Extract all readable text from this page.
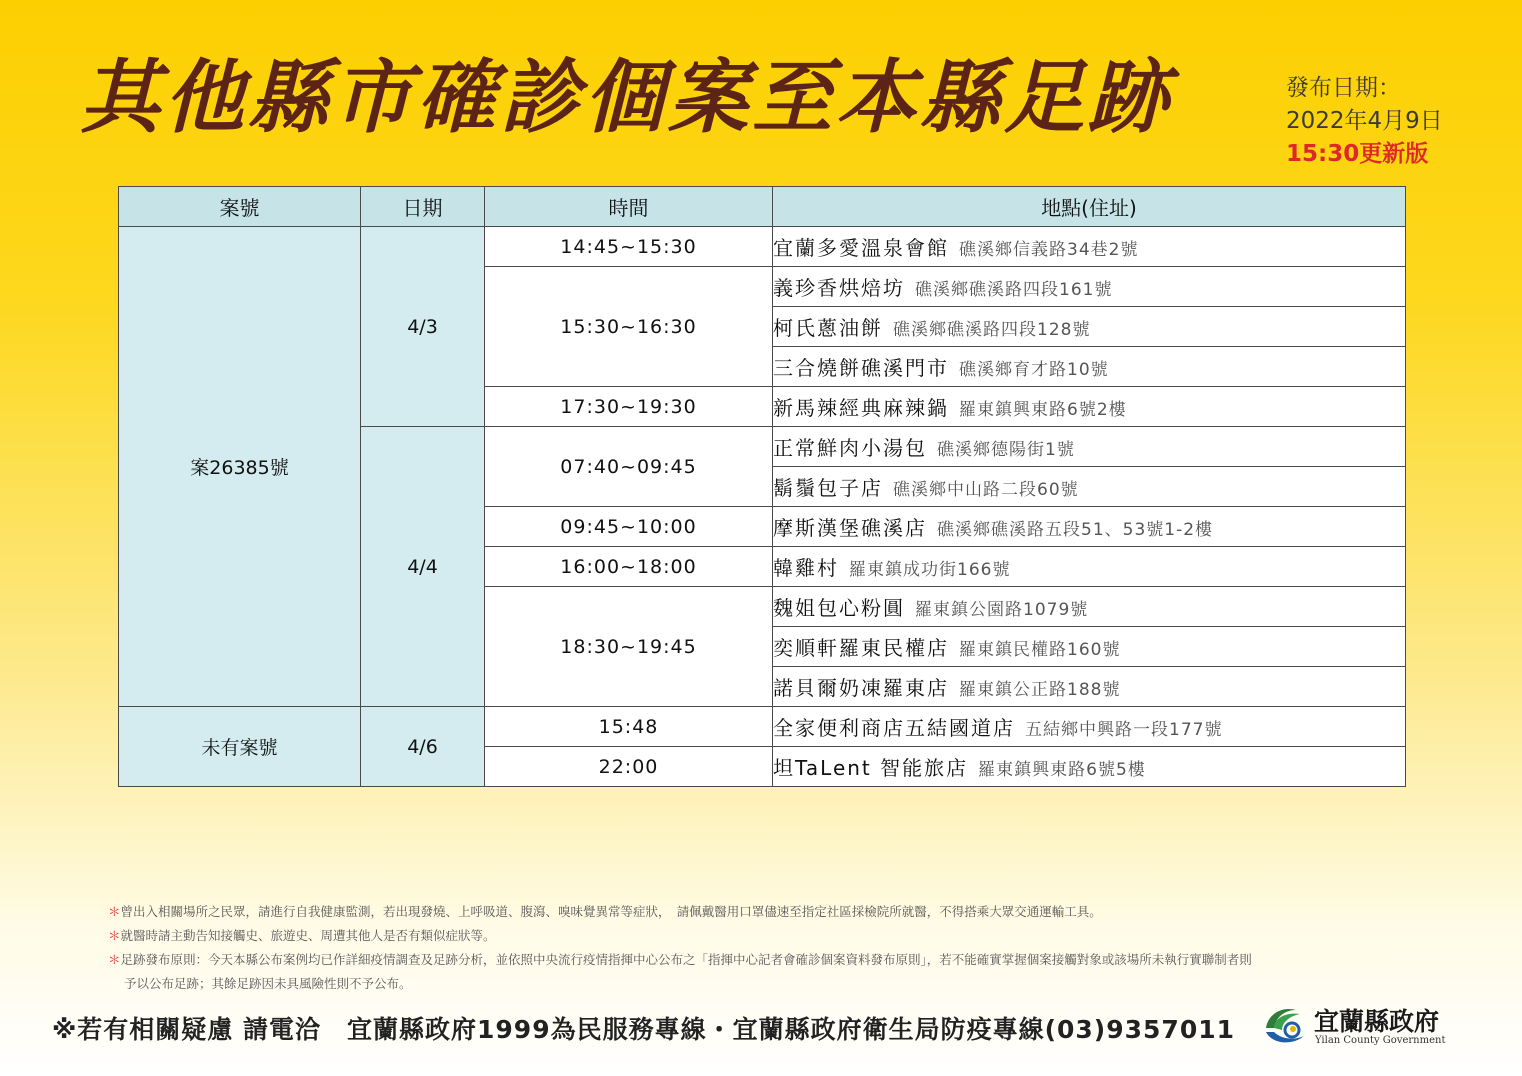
其他縣市確診個案至本縣足跡	發布日期：
2022年4月9日
15:30更新版
案號	日期	時間	地點(住址)
案26385號	4/3	14:45~15:30	宜蘭多愛溫泉會館 礁溪鄉信義路34巷2號
		15:30~16:30	義珍香烘焙坊 礁溪鄉礁溪路四段161號
			柯氏蔥油餅 礁溪鄉礁溪路四段128號
			三合燒餅礁溪門市 礁溪鄉育才路10號
		17:30~19:30	新馬辣經典麻辣鍋 羅東鎮興東路6號2樓
	4/4	07:40~09:45	正常鮮肉小湯包 礁溪鄉德陽街1號
			鬍鬚包子店 礁溪鄉中山路二段60號
		09:45~10:00	摩斯漢堡礁溪店 礁溪鄉礁溪路五段51、53號1-2樓
		16:00~18:00	韓雞村 羅東鎮成功街166號
		18:30~19:45	魏姐包心粉圓 羅東鎮公園路1079號
			奕順軒羅東民權店 羅東鎮民權路160號
			諾貝爾奶凍羅東店 羅東鎮公正路188號
未有案號	4/6	15:48	全家便利商店五結國道店 五結鄉中興路一段177號
		22:00	坦TaLent 智能旅店 羅東鎮興東路6號5樓
＊曾出入相關場所之民眾，請進行自我健康監測，若出現發燒、上呼吸道、腹瀉、嗅味覺異常等症狀，　請佩戴醫用口罩儘速至指定社區採檢院所就醫，不得搭乘大眾交通運輸工具。
＊就醫時請主動告知接觸史、旅遊史、周遭其他人是否有類似症狀等。
＊足跡發布原則：今天本縣公布案例均已作詳細疫情調查及足跡分析，並依照中央流行疫情指揮中心公布之「指揮中心記者會確診個案資料發布原則」，若不能確實掌握個案接觸對象或該場所未執行實聯制者則
予以公布足跡；其餘足跡因未具風險性則不予公布。
※若有相關疑慮 請電洽　宜蘭縣政府1999為民服務專線・宜蘭縣政府衛生局防疫專線(03)9357011	宜蘭縣政府
Yilan County Government
